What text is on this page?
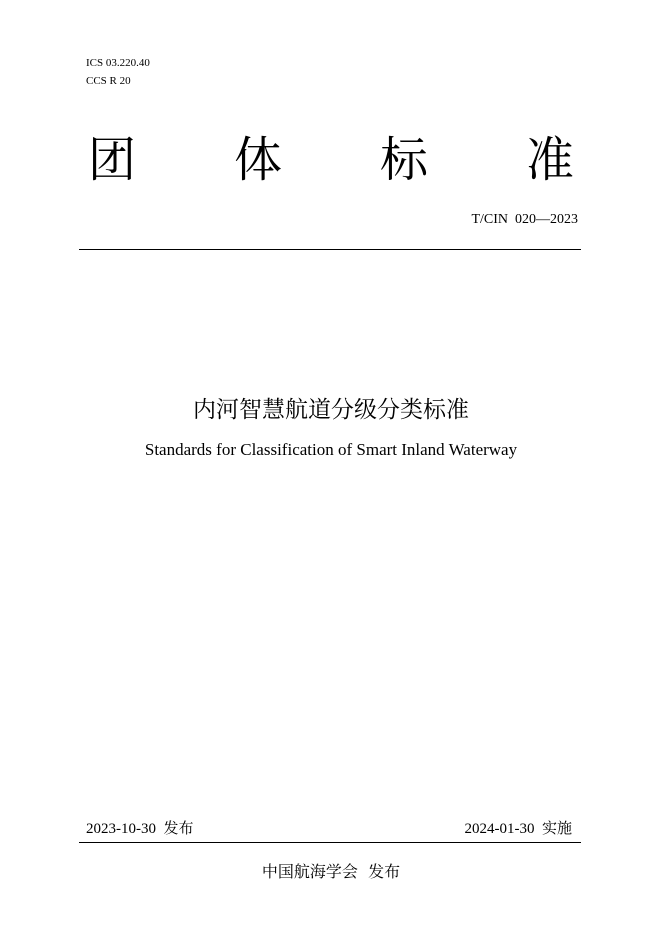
ICS 03.220.40
CCS R 20
团 体 标 准
T/CIN  020—2023
内河智慧航道分级分类标准
Standards for Classification of Smart Inland Waterway
2023-10-30 发布	2024-01-30 实施
中国航海学会 发布
